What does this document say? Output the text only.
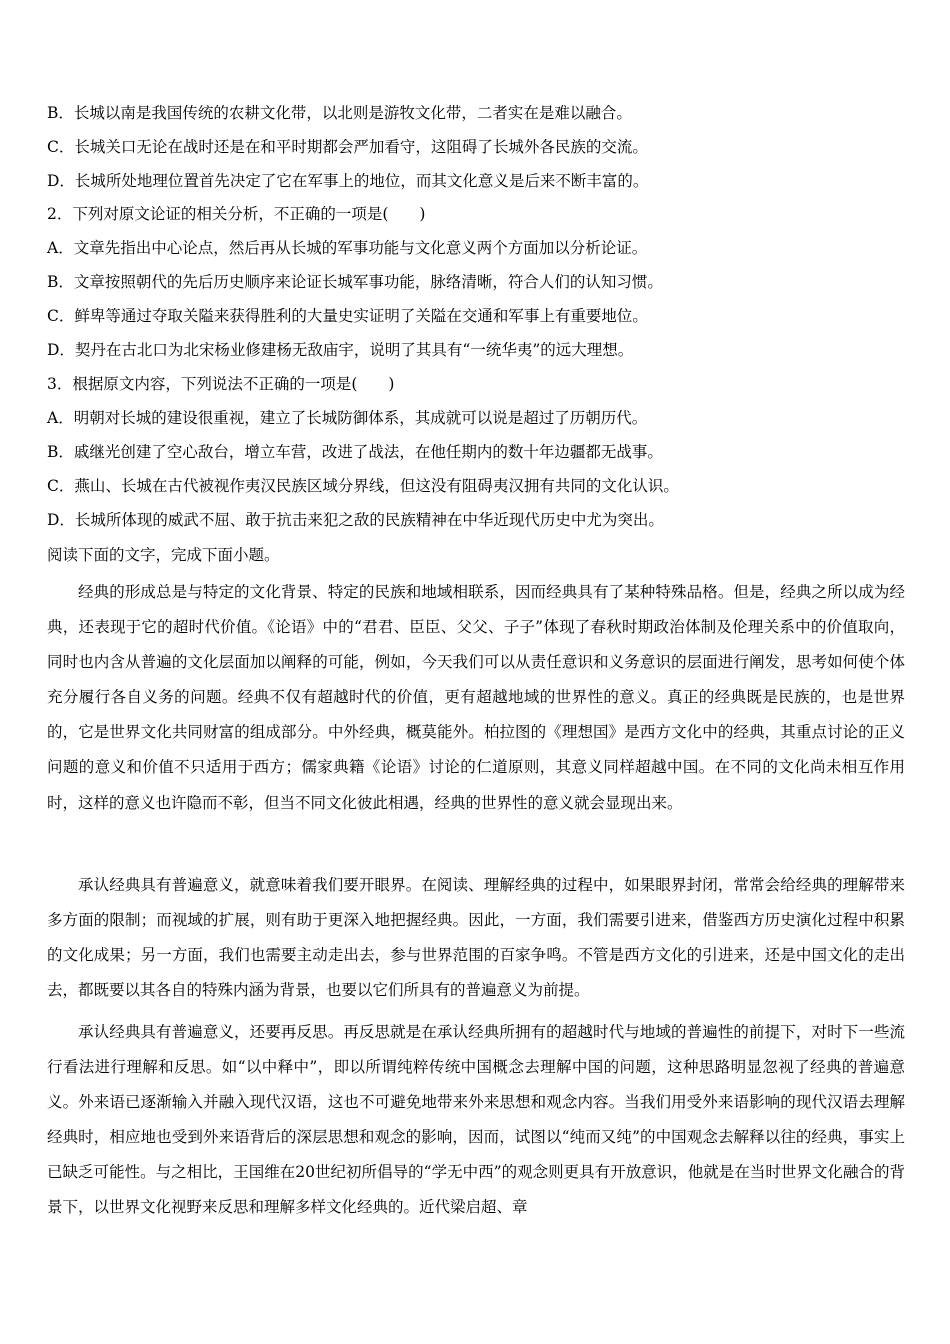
B．长城以南是我国传统的农耕文化带，以北则是游牧文化带，二者实在是难以融合。
C．长城关口无论在战时还是在和平时期都会严加看守，这阻碍了长城外各民族的交流。
D．长城所处地理位置首先决定了它在军事上的地位，而其文化意义是后来不断丰富的。
2．下列对原文论证的相关分析，不正确的一项是(　　)
A．文章先指出中心论点，然后再从长城的军事功能与文化意义两个方面加以分析论证。
B．文章按照朝代的先后历史顺序来论证长城军事功能，脉络清晰，符合人们的认知习惯。
C．鲜卑等通过夺取关隘来获得胜利的大量史实证明了关隘在交通和军事上有重要地位。
D．契丹在古北口为北宋杨业修建杨无敌庙宇，说明了其具有“一统华夷”的远大理想。
3．根据原文内容，下列说法不正确的一项是(　　)
A．明朝对长城的建设很重视，建立了长城防御体系，其成就可以说是超过了历朝历代。
B．戚继光创建了空心敌台，增立车营，改进了战法，在他任期内的数十年边疆都无战事。
C．燕山、长城在古代被视作夷汉民族区域分界线，但这没有阻碍夷汉拥有共同的文化认识。
D．长城所体现的威武不屈、敢于抗击来犯之敌的民族精神在中华近现代历史中尤为突出。
阅读下面的文字，完成下面小题。

经典的形成总是与特定的文化背景、特定的民族和地域相联系，因而经典具有了某种特殊品格。但是，经典之所以成为经典，还表现于它的超时代价值。《论语》中的“君君、臣臣、父父、子子”体现了春秋时期政治体制及伦理关系中的价值取向，同时也内含从普遍的文化层面加以阐释的可能，例如，今天我们可以从责任意识和义务意识的层面进行阐发，思考如何使个体充分履行各自义务的问题。经典不仅有超越时代的价值，更有超越地域的世界性的意义。真正的经典既是民族的，也是世界的，它是世界文化共同财富的组成部分。中外经典，概莫能外。柏拉图的《理想国》是西方文化中的经典，其重点讨论的正义问题的意义和价值不只适用于西方；儒家典籍《论语》讨论的仁道原则，其意义同样超越中国。在不同的文化尚未相互作用时，这样的意义也许隐而不彰，但当不同文化彼此相遇，经典的世界性的意义就会显现出来。

承认经典具有普遍意义，就意味着我们要开眼界。在阅读、理解经典的过程中，如果眼界封闭，常常会给经典的理解带来多方面的限制；而视域的扩展，则有助于更深入地把握经典。因此，一方面，我们需要引进来，借鉴西方历史演化过程中积累的文化成果；另一方面，我们也需要主动走出去，参与世界范围的百家争鸣。不管是西方文化的引进来，还是中国文化的走出去，都既要以其各自的特殊内涵为背景，也要以它们所具有的普遍意义为前提。

承认经典具有普遍意义，还要再反思。再反思就是在承认经典所拥有的超越时代与地域的普遍性的前提下，对时下一些流行看法进行理解和反思。如“以中释中”，即以所谓纯粹传统中国概念去理解中国的问题，这种思路明显忽视了经典的普遍意义。外来语已逐渐输入并融入现代汉语，这也不可避免地带来外来思想和观念内容。当我们用受外来语影响的现代汉语去理解经典时，相应地也受到外来语背后的深层思想和观念的影响，因而，试图以“纯而又纯”的中国观念去解释以往的经典，事实上已缺乏可能性。与之相比，王国维在20世纪初所倡导的“学无中西”的观念则更具有开放意识，他就是在当时世界文化融合的背景下，以世界文化视野来反思和理解多样文化经典的。近代梁启超、章
